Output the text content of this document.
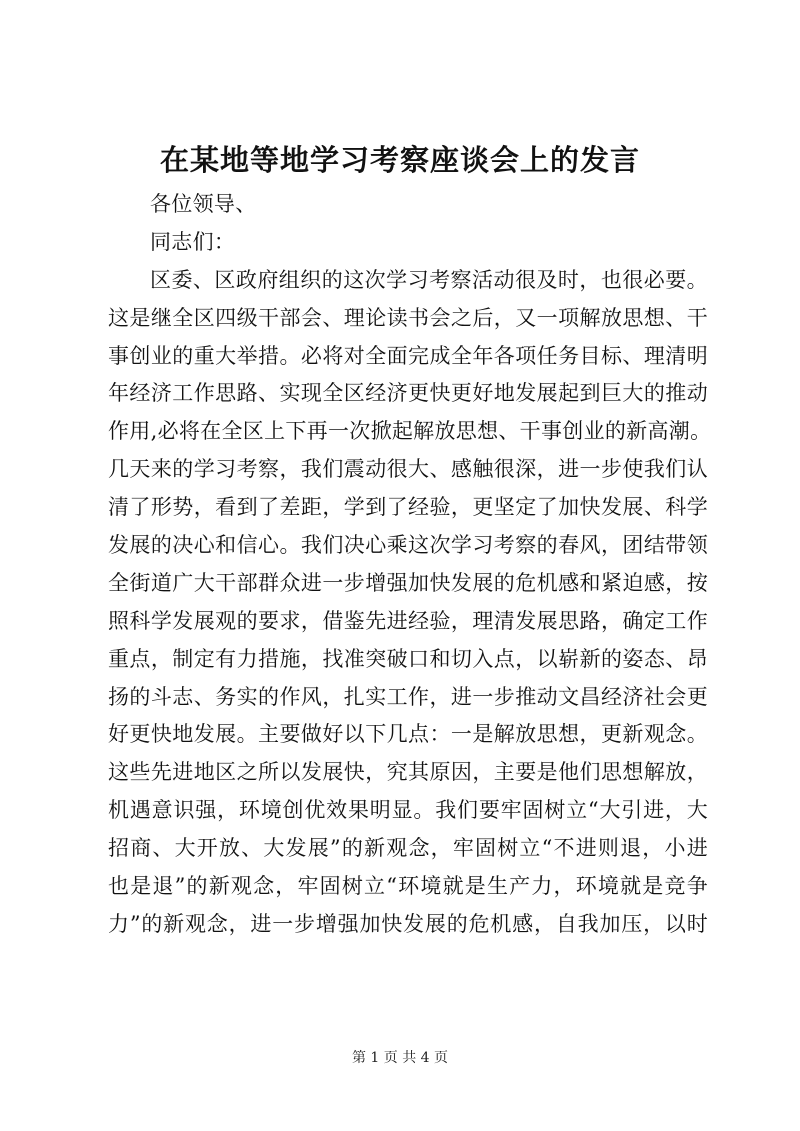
在某地等地学习考察座谈会上的发言
各位领导、
同志们：
区委、区政府组织的这次学习考察活动很及时，也很必要。
这是继全区四级干部会、理论读书会之后，又一项解放思想、干
事创业的重大举措。必将对全面完成全年各项任务目标、理清明
年经济工作思路、实现全区经济更快更好地发展起到巨大的推动
作用,必将在全区上下再一次掀起解放思想、干事创业的新高潮。
几天来的学习考察，我们震动很大、感触很深，进一步使我们认
清了形势，看到了差距，学到了经验，更坚定了加快发展、科学
发展的决心和信心。我们决心乘这次学习考察的春风，团结带领
全街道广大干部群众进一步增强加快发展的危机感和紧迫感，按
照科学发展观的要求，借鉴先进经验，理清发展思路，确定工作
重点，制定有力措施，找准突破口和切入点，以崭新的姿态、昂
扬的斗志、务实的作风，扎实工作，进一步推动文昌经济社会更
好更快地发展。主要做好以下几点：一是解放思想，更新观念。
这些先进地区之所以发展快，究其原因，主要是他们思想解放，
机遇意识强，环境创优效果明显。我们要牢固树立“大引进，大
招商、大开放、大发展”的新观念，牢固树立“不进则退，小进
也是退”的新观念，牢固树立“环境就是生产力，环境就是竞争
力”的新观念，进一步增强加快发展的危机感，自我加压，以时
第 1 页 共 4 页
